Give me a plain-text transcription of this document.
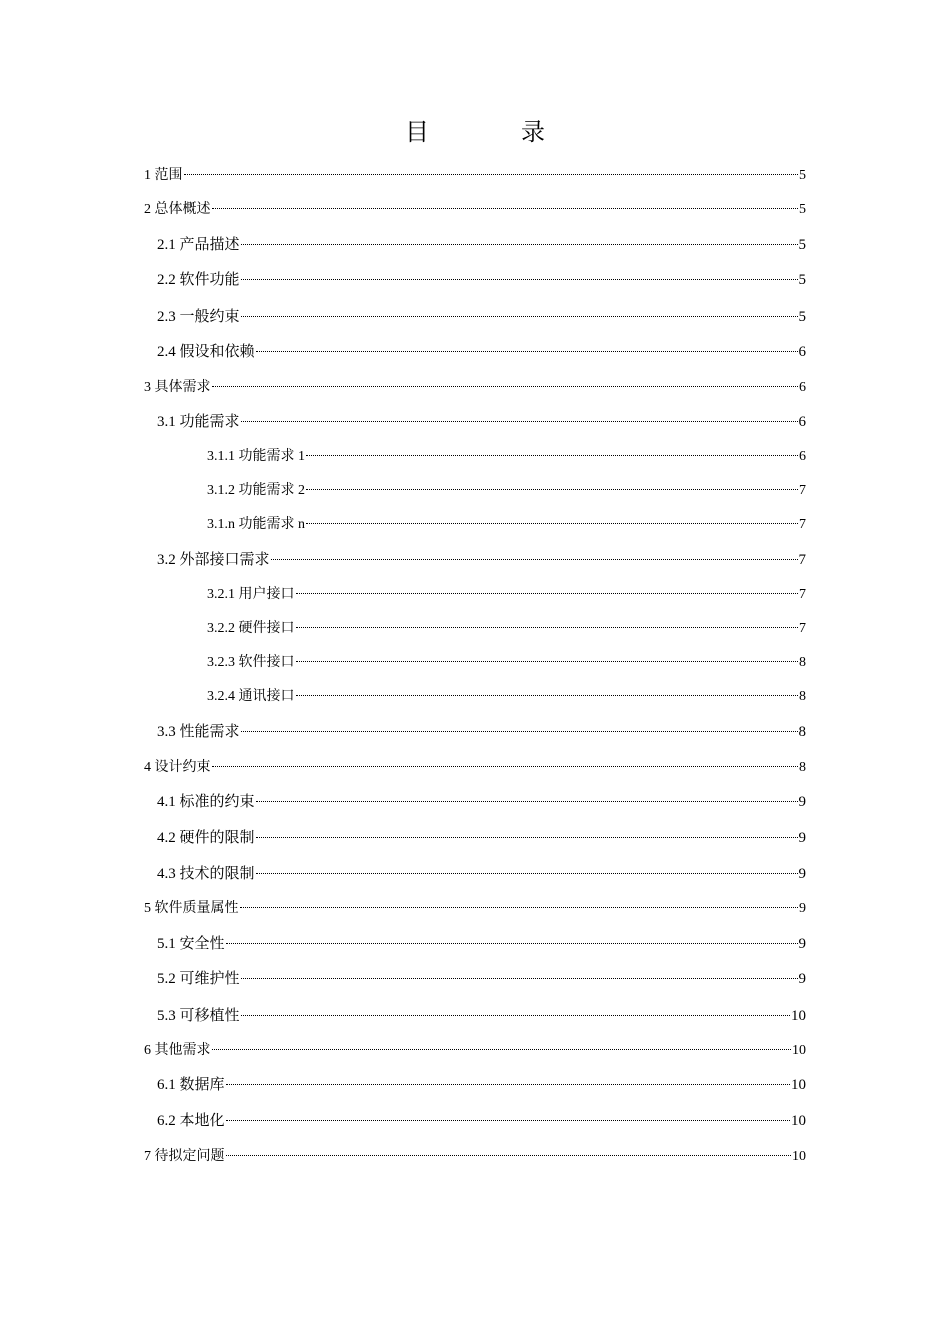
目　录
1 范围	5
2 总体概述	5
2.1 产品描述	5
2.2 软件功能	5
2.3 一般约束	5
2.4 假设和依赖	6
3 具体需求	6
3.1 功能需求	6
3.1.1 功能需求 1	6
3.1.2 功能需求 2	7
3.1.n 功能需求 n	7
3.2 外部接口需求	7
3.2.1 用户接口	7
3.2.2 硬件接口	7
3.2.3 软件接口	8
3.2.4 通讯接口	8
3.3 性能需求	8
4 设计约束	8
4.1 标准的约束	9
4.2 硬件的限制	9
4.3 技术的限制	9
5 软件质量属性	9
5.1 安全性	9
5.2 可维护性	9
5.3 可移植性	10
6 其他需求	10
6.1 数据库	10
6.2 本地化	10
7 待拟定问题	10
